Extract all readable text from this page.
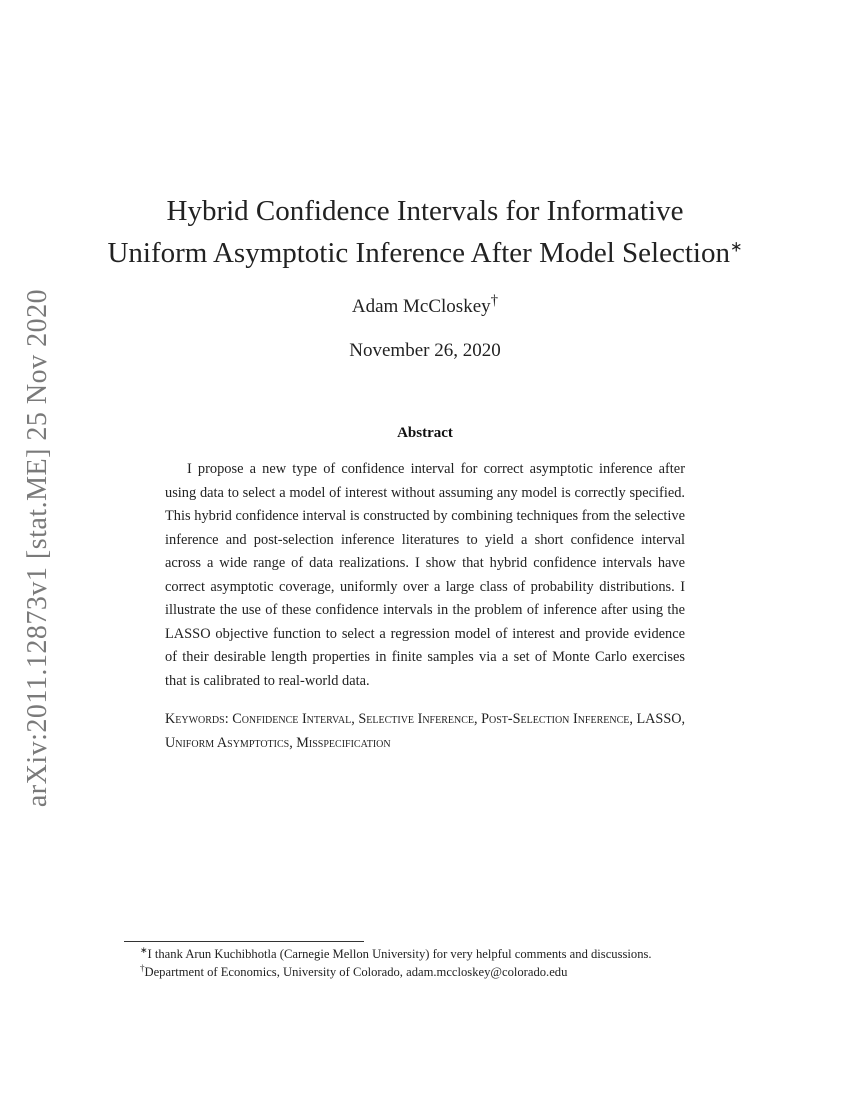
arXiv:2011.12873v1 [stat.ME] 25 Nov 2020
Hybrid Confidence Intervals for Informative
Uniform Asymptotic Inference After Model Selection∗
Adam McCloskey†
November 26, 2020
Abstract

I propose a new type of confidence interval for correct asymptotic inference after using data to select a model of interest without assuming any model is correctly specified. This hybrid confidence interval is constructed by combining techniques from the selective inference and post-selection inference literatures to yield a short confidence interval across a wide range of data realizations. I show that hybrid confidence intervals have correct asymptotic coverage, uniformly over a large class of probability distributions. I illustrate the use of these confidence intervals in the problem of inference after using the LASSO objective function to select a regression model of interest and provide evidence of their desirable length properties in finite samples via a set of Monte Carlo exercises that is calibrated to real-world data.

Keywords: Confidence Interval, Selective Inference, Post-Selection Inference, LASSO, Uniform Asymptotics, Misspecification

∗I thank Arun Kuchibhotla (Carnegie Mellon University) for very helpful comments and discussions.

†Department of Economics, University of Colorado, adam.mccloskey@colorado.edu
